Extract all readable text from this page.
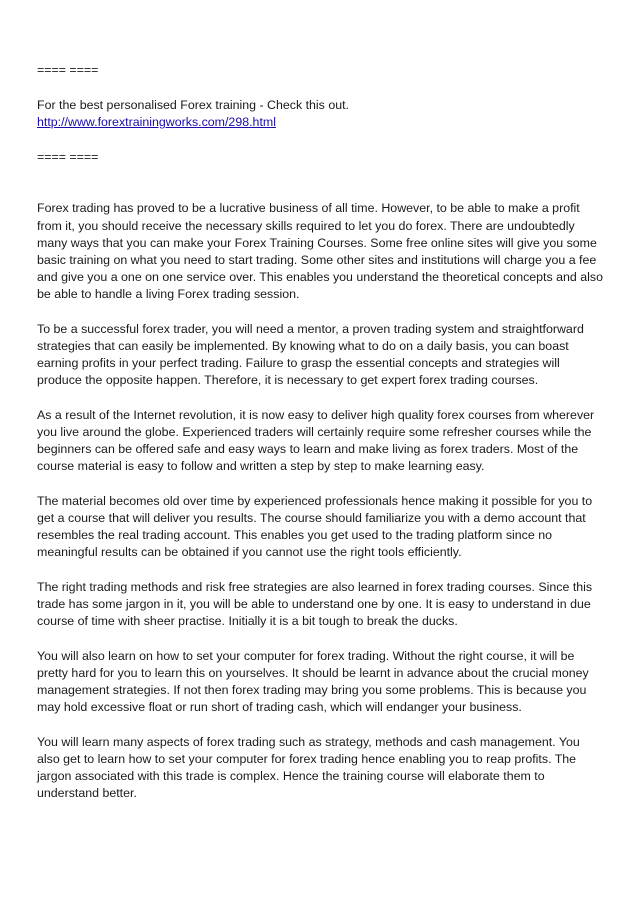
==== ====

For the best personalised Forex training - Check this out.

http://www.forextrainingworks.com/298.html

==== ====

Forex trading has proved to be a lucrative business of all time. However, to be able to make a profit from it, you should receive the necessary skills required to let you do forex. There are undoubtedly many ways that you can make your Forex Training Courses. Some free online sites will give you some basic training on what you need to start trading. Some other sites and institutions will charge you a fee and give you a one on one service over. This enables you understand the theoretical concepts and also be able to handle a living Forex trading session.

To be a successful forex trader, you will need a mentor, a proven trading system and straightforward strategies that can easily be implemented. By knowing what to do on a daily basis, you can boast earning profits in your perfect trading. Failure to grasp the essential concepts and strategies will produce the opposite happen. Therefore, it is necessary to get expert forex trading courses.

As a result of the Internet revolution, it is now easy to deliver high quality forex courses from wherever you live around the globe. Experienced traders will certainly require some refresher courses while the beginners can be offered safe and easy ways to learn and make living as forex traders. Most of the course material is easy to follow and written a step by step to make learning easy.

The material becomes old over time by experienced professionals hence making it possible for you to get a course that will deliver you results. The course should familiarize you with a demo account that resembles the real trading account. This enables you get used to the trading platform since no meaningful results can be obtained if you cannot use the right tools efficiently.

The right trading methods and risk free strategies are also learned in forex trading courses. Since this trade has some jargon in it, you will be able to understand one by one. It is easy to understand in due course of time with sheer practise. Initially it is a bit tough to break the ducks.

You will also learn on how to set your computer for forex trading. Without the right course, it will be pretty hard for you to learn this on yourselves. It should be learnt in advance about the crucial money management strategies. If not then forex trading may bring you some problems. This is because you may hold excessive float or run short of trading cash, which will endanger your business.

You will learn many aspects of forex trading such as strategy, methods and cash management. You also get to learn how to set your computer for forex trading hence enabling you to reap profits. The jargon associated with this trade is complex. Hence the training course will elaborate them to understand better.
